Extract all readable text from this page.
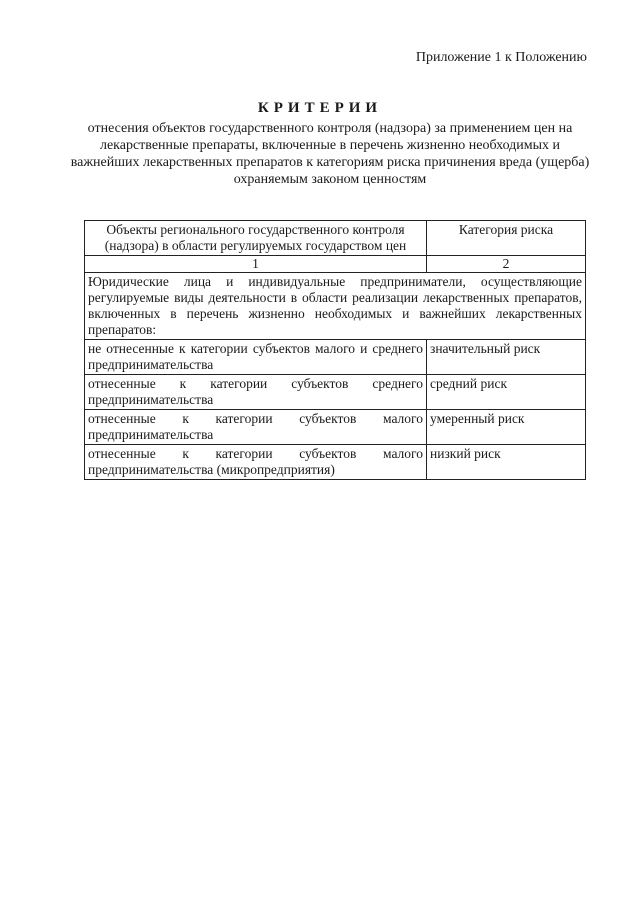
Приложение 1 к Положению
КРИТЕРИИ
отнесения объектов государственного контроля (надзора) за применением цен на лекарственные препараты, включенные в перечень жизненно необходимых и важнейших лекарственных препаратов к категориям риска причинения вреда (ущерба) охраняемым законом ценностям
Объекты регионального государственного контроля (надзора) в области регулируемых государством цен	Категория риска
1	2
Юридические лица и индивидуальные предприниматели, осуществляющие регулируемые виды деятельности в области реализации лекарственных препаратов, включенных в перечень жизненно необходимых и важнейших лекарственных препаратов:	
не отнесенные к категории субъектов малого и среднего предпринимательства	значительный риск
отнесенные к категории субъектов среднего предпринимательства	средний риск
отнесенные к категории субъектов малого предпринимательства	умеренный риск
отнесенные к категории субъектов малого предпринимательства (микропредприятия)	низкий риск
